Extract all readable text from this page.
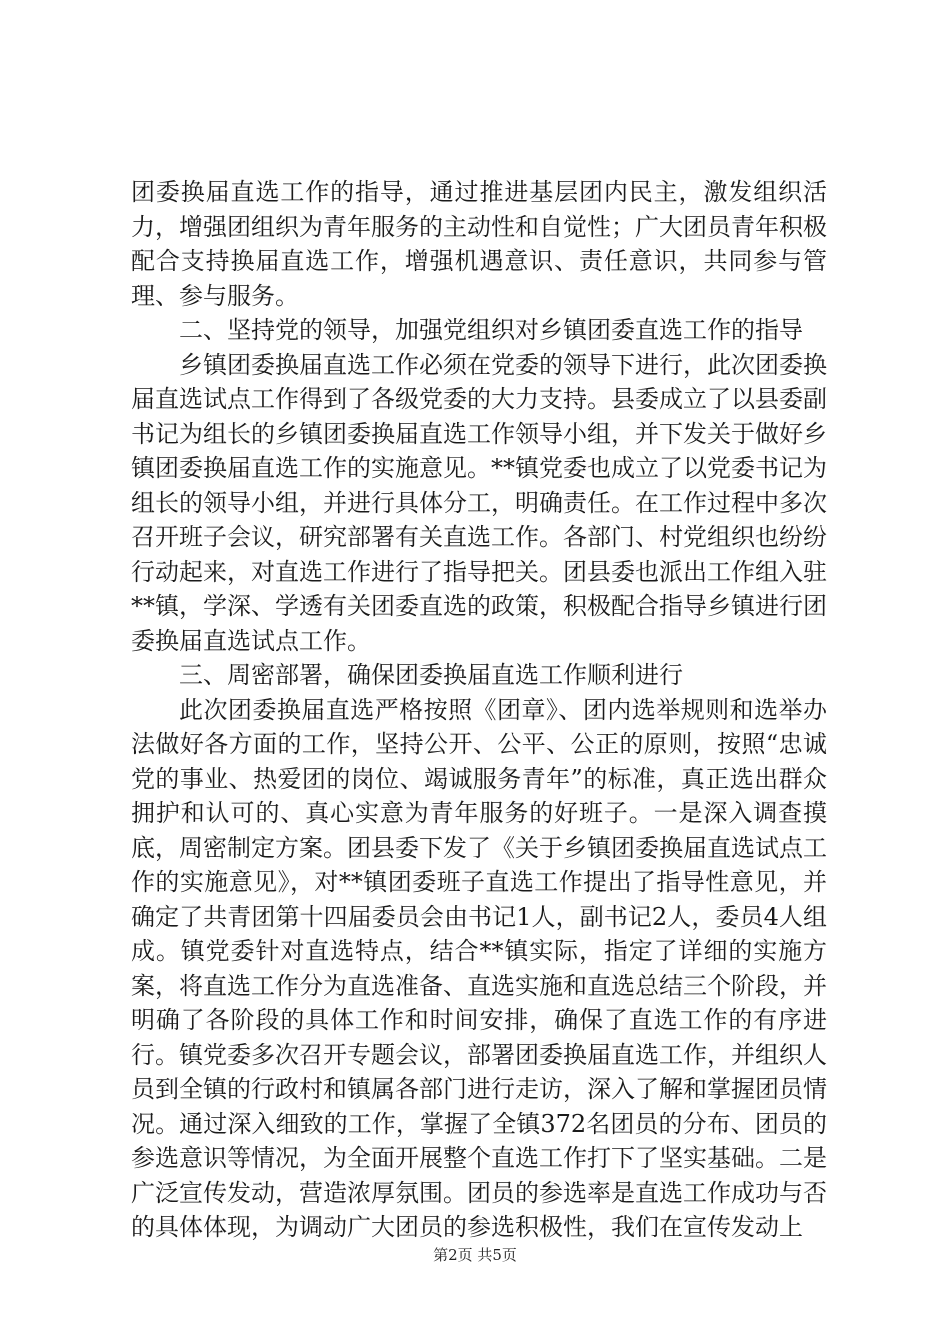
团委换届直选工作的指导，通过推进基层团内民主，激发组织活力，增强团组织为青年服务的主动性和自觉性；广大团员青年积极配合支持换届直选工作，增强机遇意识、责任意识，共同参与管理、参与服务。

二、坚持党的领导，加强党组织对乡镇团委直选工作的指导

乡镇团委换届直选工作必须在党委的领导下进行，此次团委换届直选试点工作得到了各级党委的大力支持。县委成立了以县委副书记为组长的乡镇团委换届直选工作领导小组，并下发关于做好乡镇团委换届直选工作的实施意见。**镇党委也成立了以党委书记为组长的领导小组，并进行具体分工，明确责任。在工作过程中多次召开班子会议，研究部署有关直选工作。各部门、村党组织也纷纷行动起来，对直选工作进行了指导把关。团县委也派出工作组入驻**镇，学深、学透有关团委直选的政策，积极配合指导乡镇进行团委换届直选试点工作。

三、周密部署，确保团委换届直选工作顺利进行

此次团委换届直选严格按照《团章》、团内选举规则和选举办法做好各方面的工作，坚持公开、公平、公正的原则，按照“忠诚党的事业、热爱团的岗位、竭诚服务青年”的标准，真正选出群众拥护和认可的、真心实意为青年服务的好班子。一是深入调查摸底，周密制定方案。团县委下发了《关于乡镇团委换届直选试点工作的实施意见》，对**镇团委班子直选工作提出了指导性意见，并确定了共青团第十四届委员会由书记1人，副书记2人，委员4人组成。镇党委针对直选特点，结合**镇实际，指定了详细的实施方案，将直选工作分为直选准备、直选实施和直选总结三个阶段，并明确了各阶段的具体工作和时间安排，确保了直选工作的有序进行。镇党委多次召开专题会议，部署团委换届直选工作，并组织人员到全镇的行政村和镇属各部门进行走访，深入了解和掌握团员情况。通过深入细致的工作，掌握了全镇372名团员的分布、团员的参选意识等情况，为全面开展整个直选工作打下了坚实基础。二是广泛宣传发动，营造浓厚氛围。团员的参选率是直选工作成功与否的具体体现，为调动广大团员的参选积极性，我们在宣传发动上

第2页 共5页
